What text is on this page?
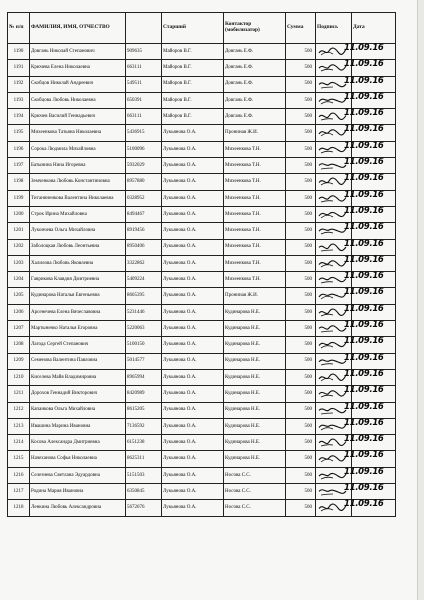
№ п/п	ФАМИЛИЯ, ИМЯ, ОТЧЕСТВО		Старший	Контактор (мобилизатор)	Сумма	Подпись	Дата
1190	Довгань Николай Степанович	909635	Майоров В.Г.	Довгань Е.Ф.	500		11.09.16

1191	Крючева Елена Николаевна	663111	Майоров В.Г.	Довгань Е.Ф.	500		11.09.16

1192	Скобцов Николай Андреевич	549511	Майоров В.Г.	Довгань Е.Ф.	500		11.09.16

1193	Скобцова Любовь Николаевна	650391	Майоров В.Г.	Довгань Е.Ф.	500		11.09.16

1194	Крючев Василий Геннадьевич	663111	Майоров В.Г.	Довгань Е.Ф.	500		11.09.16

1195	Михеенкова Татьяна Николаевна	5436915	Лукьянова О.А.	Прониная Ж.И.	500		11.09.16

1196	Сорока Людмила Михайловна	5100096	Лукьянова О.А.	Михеенкова Т.Н.	500		11.09.16

1197	Батынина Нина Игоревна	5932029	Лукьянова О.А.	Михеенкова Т.Н.	500		11.09.16

1198	Земченкова Любовь Константиновна	8957880	Лукьянова О.А.	Михеенкова Т.Н.	500		11.09.16

1199	Титаниненкова Валентина Николаевна	0328952	Лукьянова О.А.	Михеенкова Т.Н.	500		11.09.16

1200	Строк Ирина Михайловна	8494467	Лукьянова О.А.	Михеенкова Т.Н.	500		11.09.16

1201	Лукоичева Ольга Михайловна	8919456	Лукьянова О.А.	Михеенкова Т.Н.	500		11.09.16

1202	Заболоцкая Любовь Леонтьевна	8950406	Лукьянова О.А.	Михеенкова Т.Н.	500		11.09.16

1203	Халилова Любовь Яковлевна	3322862	Лукьянова О.А.	Михеенкова Т.Н.	500		11.09.16

1204	Гаврикова Клавдия Дмитриевна	5409224	Лукьянова О.А.	Михеенкова Т.Н.	500		11.09.16

1205	Кудинарова Наталья Евгеньевна	8665395	Лукьянова О.А.	Прониная Ж.И.	500		11.09.16

1206	Арсенечева Елена Вячеславовна	5231446	Лукьянова О.А.	Кудинарова Н.Е.	500		11.09.16

1207	Мартыненко Наталья Егоровна	5220063	Лукьянова О.А.	Кудинарова Н.Е.	500		11.09.16

1208	Лагода Сергей Степанович	5100150	Лукьянова О.А.	Кудинарова Н.Е.	500		11.09.16

1209	Семенова Валентина Павловна	5014577	Лукьянова О.А.	Кудинарова Н.Е.	500		11.09.16

1210	Киселева Майя Владимировна	8965994	Лукьянова О.А.	Кудинарова Н.Е.	500		11.09.16

1211	Дорохов Геннадий Викторович	8420989	Лукьянова О.А.	Кудинарова Н.Е.	500		11.09.16

1212	Капанкова Ольга Михайловна	8615205	Лукьянова О.А.	Кудинарова Н.Е.	500		11.09.16

1213	Ивашина Марина Ивановна	7136592	Лукьянова О.А.	Кудинарова Н.Е.	500		11.09.16

1214	Косова Александра Дмитриевна	6151238	Лукьянова О.А.	Кудинарова Н.Е.	500		11.09.16

1215	Начеханова Софья Николаевна	8625311	Лукьянова О.А.	Кудинарова Н.Е.	500		11.09.16

1216	Селезнева Светлана Эдуардовна	5151503	Лукьянова О.А.	Носова С.С.	500		11.09.16

1217	Родина Мария Ивановна	6350845	Лукьянова О.А.	Носова С.С.	500		11.09.16

1218	Ленкина Любовь Александровна	5672676	Лукьянова О.А.	Носова С.С.	500		11.09.16
